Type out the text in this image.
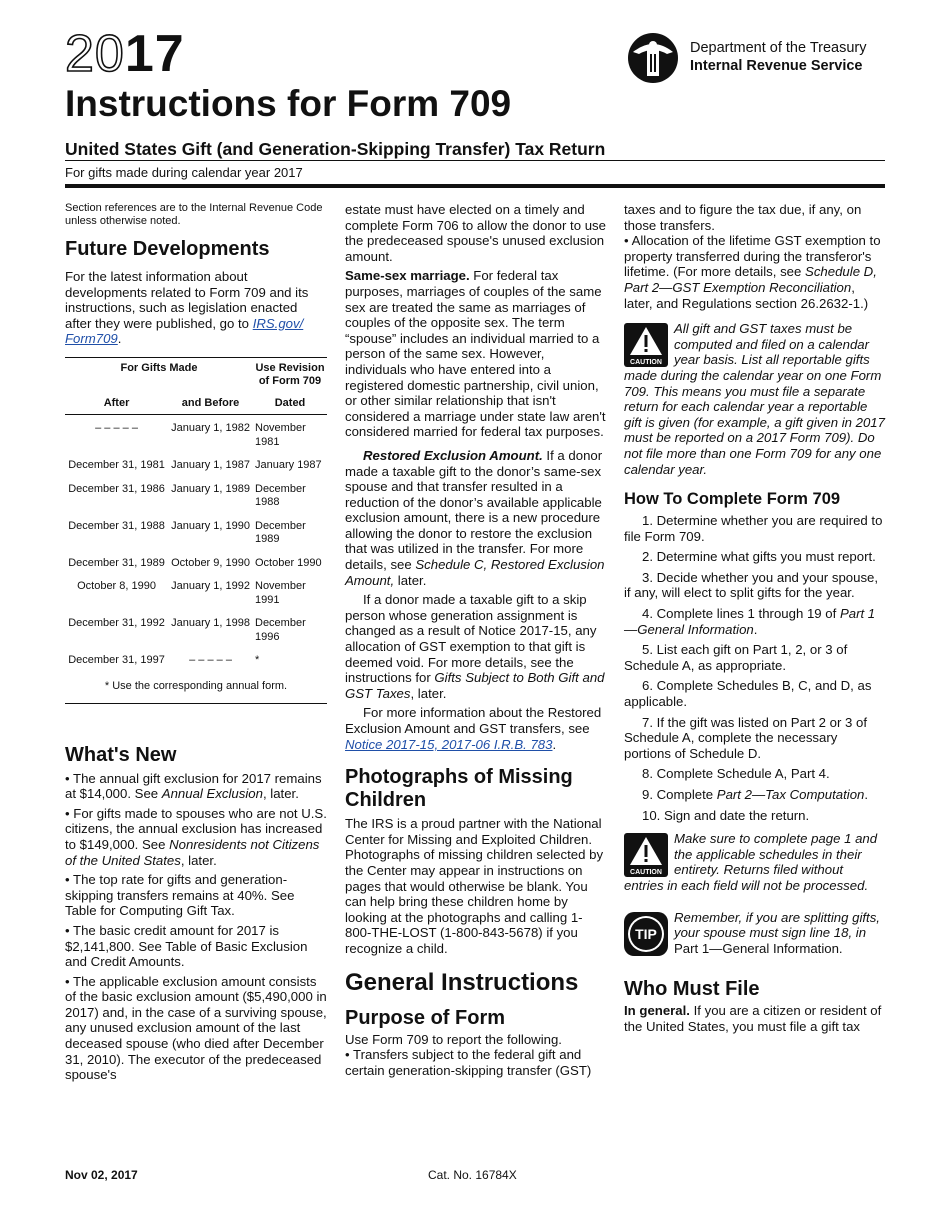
2017
Instructions for Form 709
United States Gift (and Generation-Skipping Transfer) Tax Return
For gifts made during calendar year 2017
Department of the Treasury
Internal Revenue Service

Section references are to the Internal Revenue Code unless otherwise noted.

Future Developments

For the latest information about developments related to Form 709 and its instructions, such as legislation enacted after they were published, go to IRS.gov/ Form709.

For Gifts Made		Use Revision of Form 709
After	and Before	Dated
– – – – –	January 1, 1982	November 1981
December 31, 1981	January 1, 1987	January 1987
December 31, 1986	January 1, 1989	December 1988
December 31, 1988	January 1, 1990	December 1989
December 31, 1989	October 9, 1990	October 1990
October 8, 1990	January 1, 1992	November 1991
December 31, 1992	January 1, 1998	December 1996
December 31, 1997	– – – – –	*
* Use the corresponding annual form.
What's New

• The annual gift exclusion for 2017 remains at $14,000. See Annual Exclusion, later.

• For gifts made to spouses who are not U.S. citizens, the annual exclusion has increased to $149,000. See Nonresidents not Citizens of the United States, later.

• The top rate for gifts and generation-skipping transfers remains at 40%. See Table for Computing Gift Tax.

• The basic credit amount for 2017 is $2,141,800. See Table of Basic Exclusion and Credit Amounts.

• The applicable exclusion amount consists of the basic exclusion amount ($5,490,000 in 2017) and, in the case of a surviving spouse, any unused exclusion amount of the last deceased spouse (who died after December 31, 2010). The executor of the predeceased spouse's

estate must have elected on a timely and complete Form 706 to allow the donor to use the predeceased spouse's unused exclusion amount.

Same-sex marriage. For federal tax purposes, marriages of couples of the same sex are treated the same as marriages of couples of the opposite sex. The term “spouse” includes an individual married to a person of the same sex. However, individuals who have entered into a registered domestic partnership, civil union, or other similar relationship that isn't considered a marriage under state law aren't considered married for federal tax purposes.

Restored Exclusion Amount. If a donor made a taxable gift to the donor’s same-sex spouse and that transfer resulted in a reduction of the donor’s available applicable exclusion amount, there is a new procedure allowing the donor to restore the exclusion that was utilized in the transfer. For more details, see Schedule C, Restored Exclusion Amount, later.

If a donor made a taxable gift to a skip person whose generation assignment is changed as a result of Notice 2017-15, any allocation of GST exemption to that gift is deemed void. For more details, see the instructions for Gifts Subject to Both Gift and GST Taxes, later.

For more information about the Restored Exclusion Amount and GST transfers, see Notice 2017-15, 2017-06 I.R.B. 783.

Photographs of Missing Children

The IRS is a proud partner with the National Center for Missing and Exploited Children. Photographs of missing children selected by the Center may appear in instructions on pages that would otherwise be blank. You can help bring these children home by looking at the photographs and calling 1-800-THE-LOST (1-800-843-5678) if you recognize a child.

General Instructions
Purpose of Form

Use Form 709 to report the following.

• Transfers subject to the federal gift and certain generation-skipping transfer (GST)

taxes and to figure the tax due, if any, on those transfers.

• Allocation of the lifetime GST exemption to property transferred during the transferor's lifetime. (For more details, see Schedule D, Part 2—GST Exemption Reconciliation, later, and Regulations section 26.2632-1.)

CAUTION

All gift and GST taxes must be computed and filed on a calendar year basis. List all reportable gifts made during the calendar year on one Form 709. This means you must file a separate return for each calendar year a reportable gift is given (for example, a gift given in 2017 must be reported on a 2017 Form 709). Do not file more than one Form 709 for any one calendar year.

How To Complete Form 709

1. Determine whether you are required to file Form 709.

2. Determine what gifts you must report.

3. Decide whether you and your spouse, if any, will elect to split gifts for the year.

4. Complete lines 1 through 19 of Part 1—General Information.

5. List each gift on Part 1, 2, or 3 of Schedule A, as appropriate.

6. Complete Schedules B, C, and D, as applicable.

7. If the gift was listed on Part 2 or 3 of Schedule A, complete the necessary portions of Schedule D.

8. Complete Schedule A, Part 4.

9. Complete Part 2—Tax Computation.

10. Sign and date the return.

CAUTION

Make sure to complete page 1 and the applicable schedules in their entirety. Returns filed without entries in each field will not be processed.

TIP

Remember, if you are splitting gifts, your spouse must sign line 18, in Part 1—General Information.

Who Must File

In general. If you are a citizen or resident of the United States, you must file a gift tax

Nov 02, 2017	Cat. No. 16784X
